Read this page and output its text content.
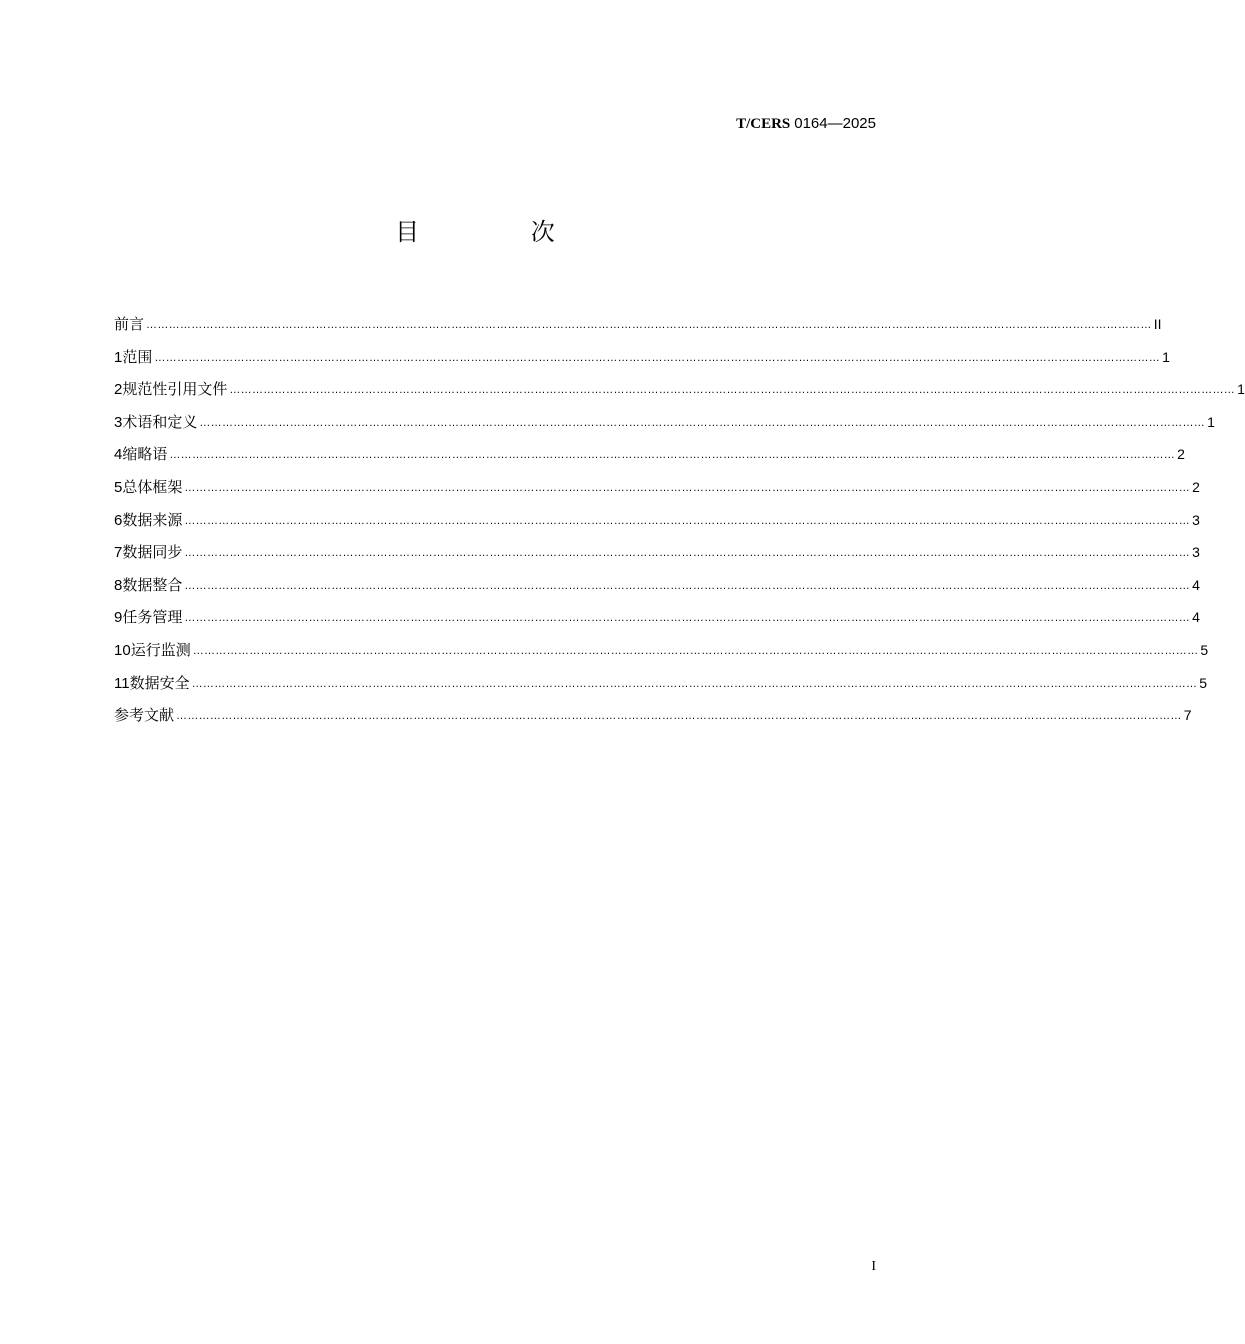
T/CERS 0164—2025
目 次
前言 …………………………………………………………………………………………………………………………………………………………………………………………………………………………………………… II
1 范围 …………………………………………………………………………………………………………………………………………………………………………………………………………………………………………… 1
2 规范性引用文件 …………………………………………………………………………………………………………………………………………………………………………………………………………………………………………… 1
3 术语和定义 …………………………………………………………………………………………………………………………………………………………………………………………………………………………………………… 1
4 缩略语 …………………………………………………………………………………………………………………………………………………………………………………………………………………………………………… 2
5 总体框架 …………………………………………………………………………………………………………………………………………………………………………………………………………………………………………… 2
6 数据来源 …………………………………………………………………………………………………………………………………………………………………………………………………………………………………………… 3
7 数据同步 …………………………………………………………………………………………………………………………………………………………………………………………………………………………………………… 3
8 数据整合 …………………………………………………………………………………………………………………………………………………………………………………………………………………………………………… 4
9 任务管理 …………………………………………………………………………………………………………………………………………………………………………………………………………………………………………… 4
10 运行监测 …………………………………………………………………………………………………………………………………………………………………………………………………………………………………………… 5
11 数据安全 …………………………………………………………………………………………………………………………………………………………………………………………………………………………………………… 5
参考文献 …………………………………………………………………………………………………………………………………………………………………………………………………………………………………………… 7
I
